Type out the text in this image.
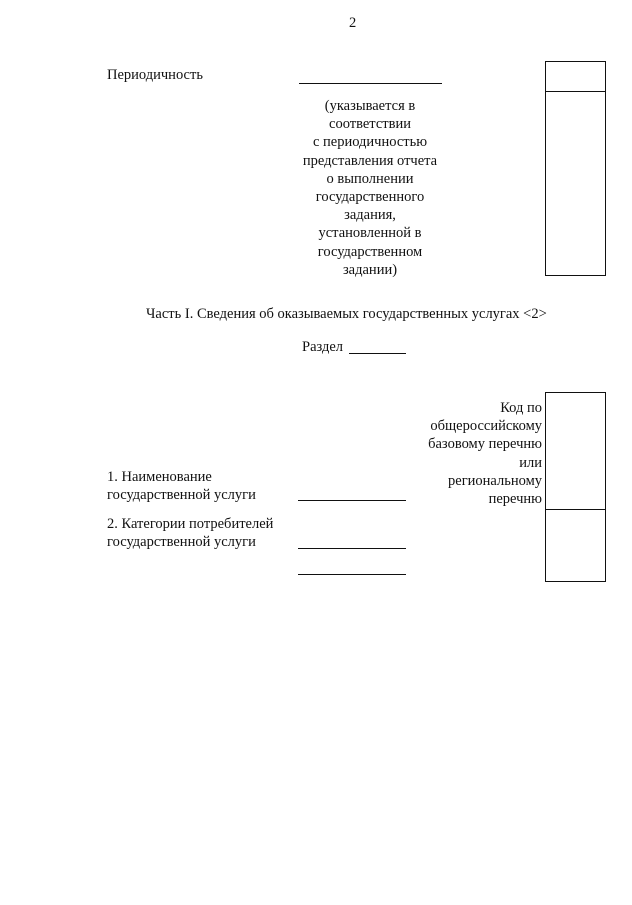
2
Периодичность
(указывается в
соответствии
с периодичностью
представления отчета
о выполнении
государственного
задания,
установленной в
государственном
задании)
Часть I. Сведения об оказываемых государственных услугах <2>
Раздел
Код по
общероссийскому
базовому перечню
или
региональному
перечню
1. Наименование
государственной услуги
2. Категории потребителей
государственной услуги
